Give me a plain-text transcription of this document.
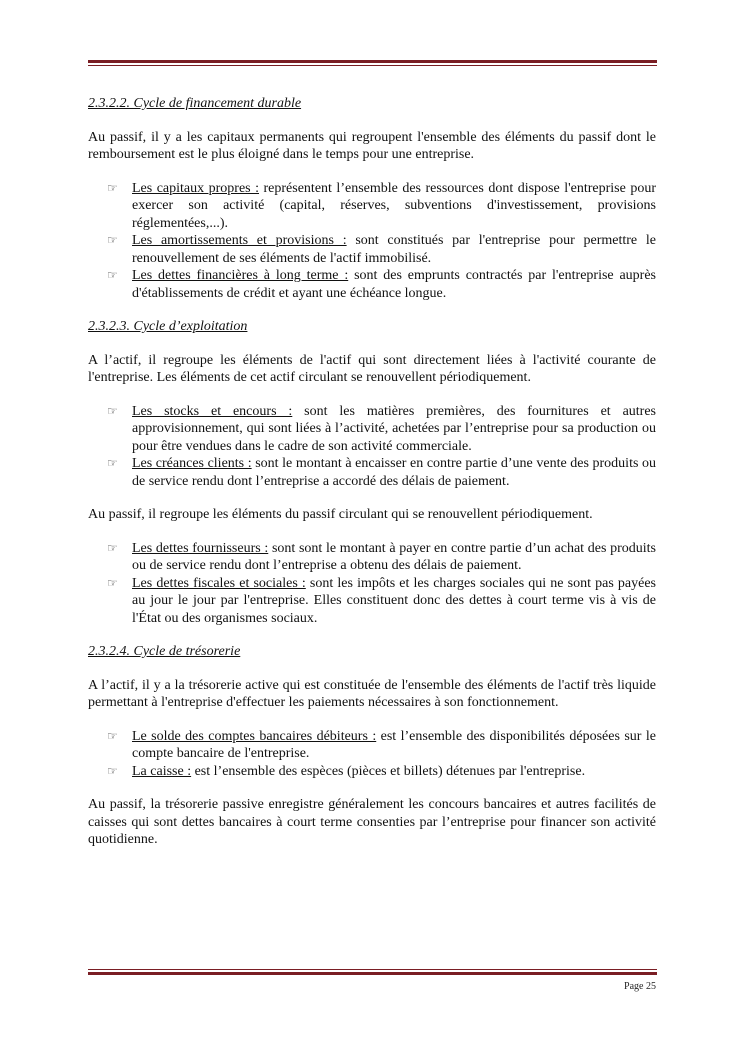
2.3.2.2. Cycle de financement durable

Au passif, il y a les capitaux permanents qui regroupent l'ensemble des éléments du passif dont le remboursement est le plus éloigné dans le temps pour une entreprise.

☞ Les capitaux propres : représentent l’ensemble des ressources dont dispose l'entreprise pour exercer son activité (capital, réserves, subventions d'investissement, provisions réglementées,...).
☞ Les amortissements et provisions : sont constitués par l'entreprise pour permettre le renouvellement de ses éléments de l'actif immobilisé.
☞ Les dettes financières à long terme : sont des emprunts contractés par l'entreprise auprès d'établissements de crédit et ayant une échéance longue.
2.3.2.3. Cycle d’exploitation

A l’actif, il regroupe les éléments de l'actif qui sont directement liées à l'activité courante de l'entreprise. Les éléments de cet actif circulant se renouvellent périodiquement.

☞ Les stocks et encours : sont les matières premières, des fournitures et autres approvisionnement, qui sont liées à l’activité, achetées par l’entreprise pour sa production ou pour être vendues dans le cadre de son activité commerciale.
☞ Les créances clients : sont le montant à encaisser en contre partie d’une vente des produits ou de service rendu dont l’entreprise a accordé des délais de paiement.

Au passif, il regroupe les éléments du passif circulant qui se renouvellent périodiquement.

☞ Les dettes fournisseurs : sont sont le montant à payer en contre partie d’un achat des produits ou de service rendu dont l’entreprise a obtenu des délais de paiement.
☞ Les dettes fiscales et sociales : sont les impôts et les charges sociales qui ne sont pas payées au jour le jour par l'entreprise. Elles constituent donc des dettes à court terme vis à vis de l'État ou des organismes sociaux.
2.3.2.4. Cycle de trésorerie

A l’actif, il y a la trésorerie active qui est constituée de l'ensemble des éléments de l'actif très liquide permettant à l'entreprise d'effectuer les paiements nécessaires à son fonctionnement.

☞ Le solde des comptes bancaires débiteurs : est l’ensemble des disponibilités déposées sur le compte bancaire de l'entreprise.
☞ La caisse : est l’ensemble des espèces (pièces et billets) détenues par l'entreprise.

Au passif, la trésorerie passive enregistre généralement les concours bancaires et autres facilités de caisses qui sont dettes bancaires à court terme consenties par l’entreprise pour financer son activité quotidienne.

Page 25
